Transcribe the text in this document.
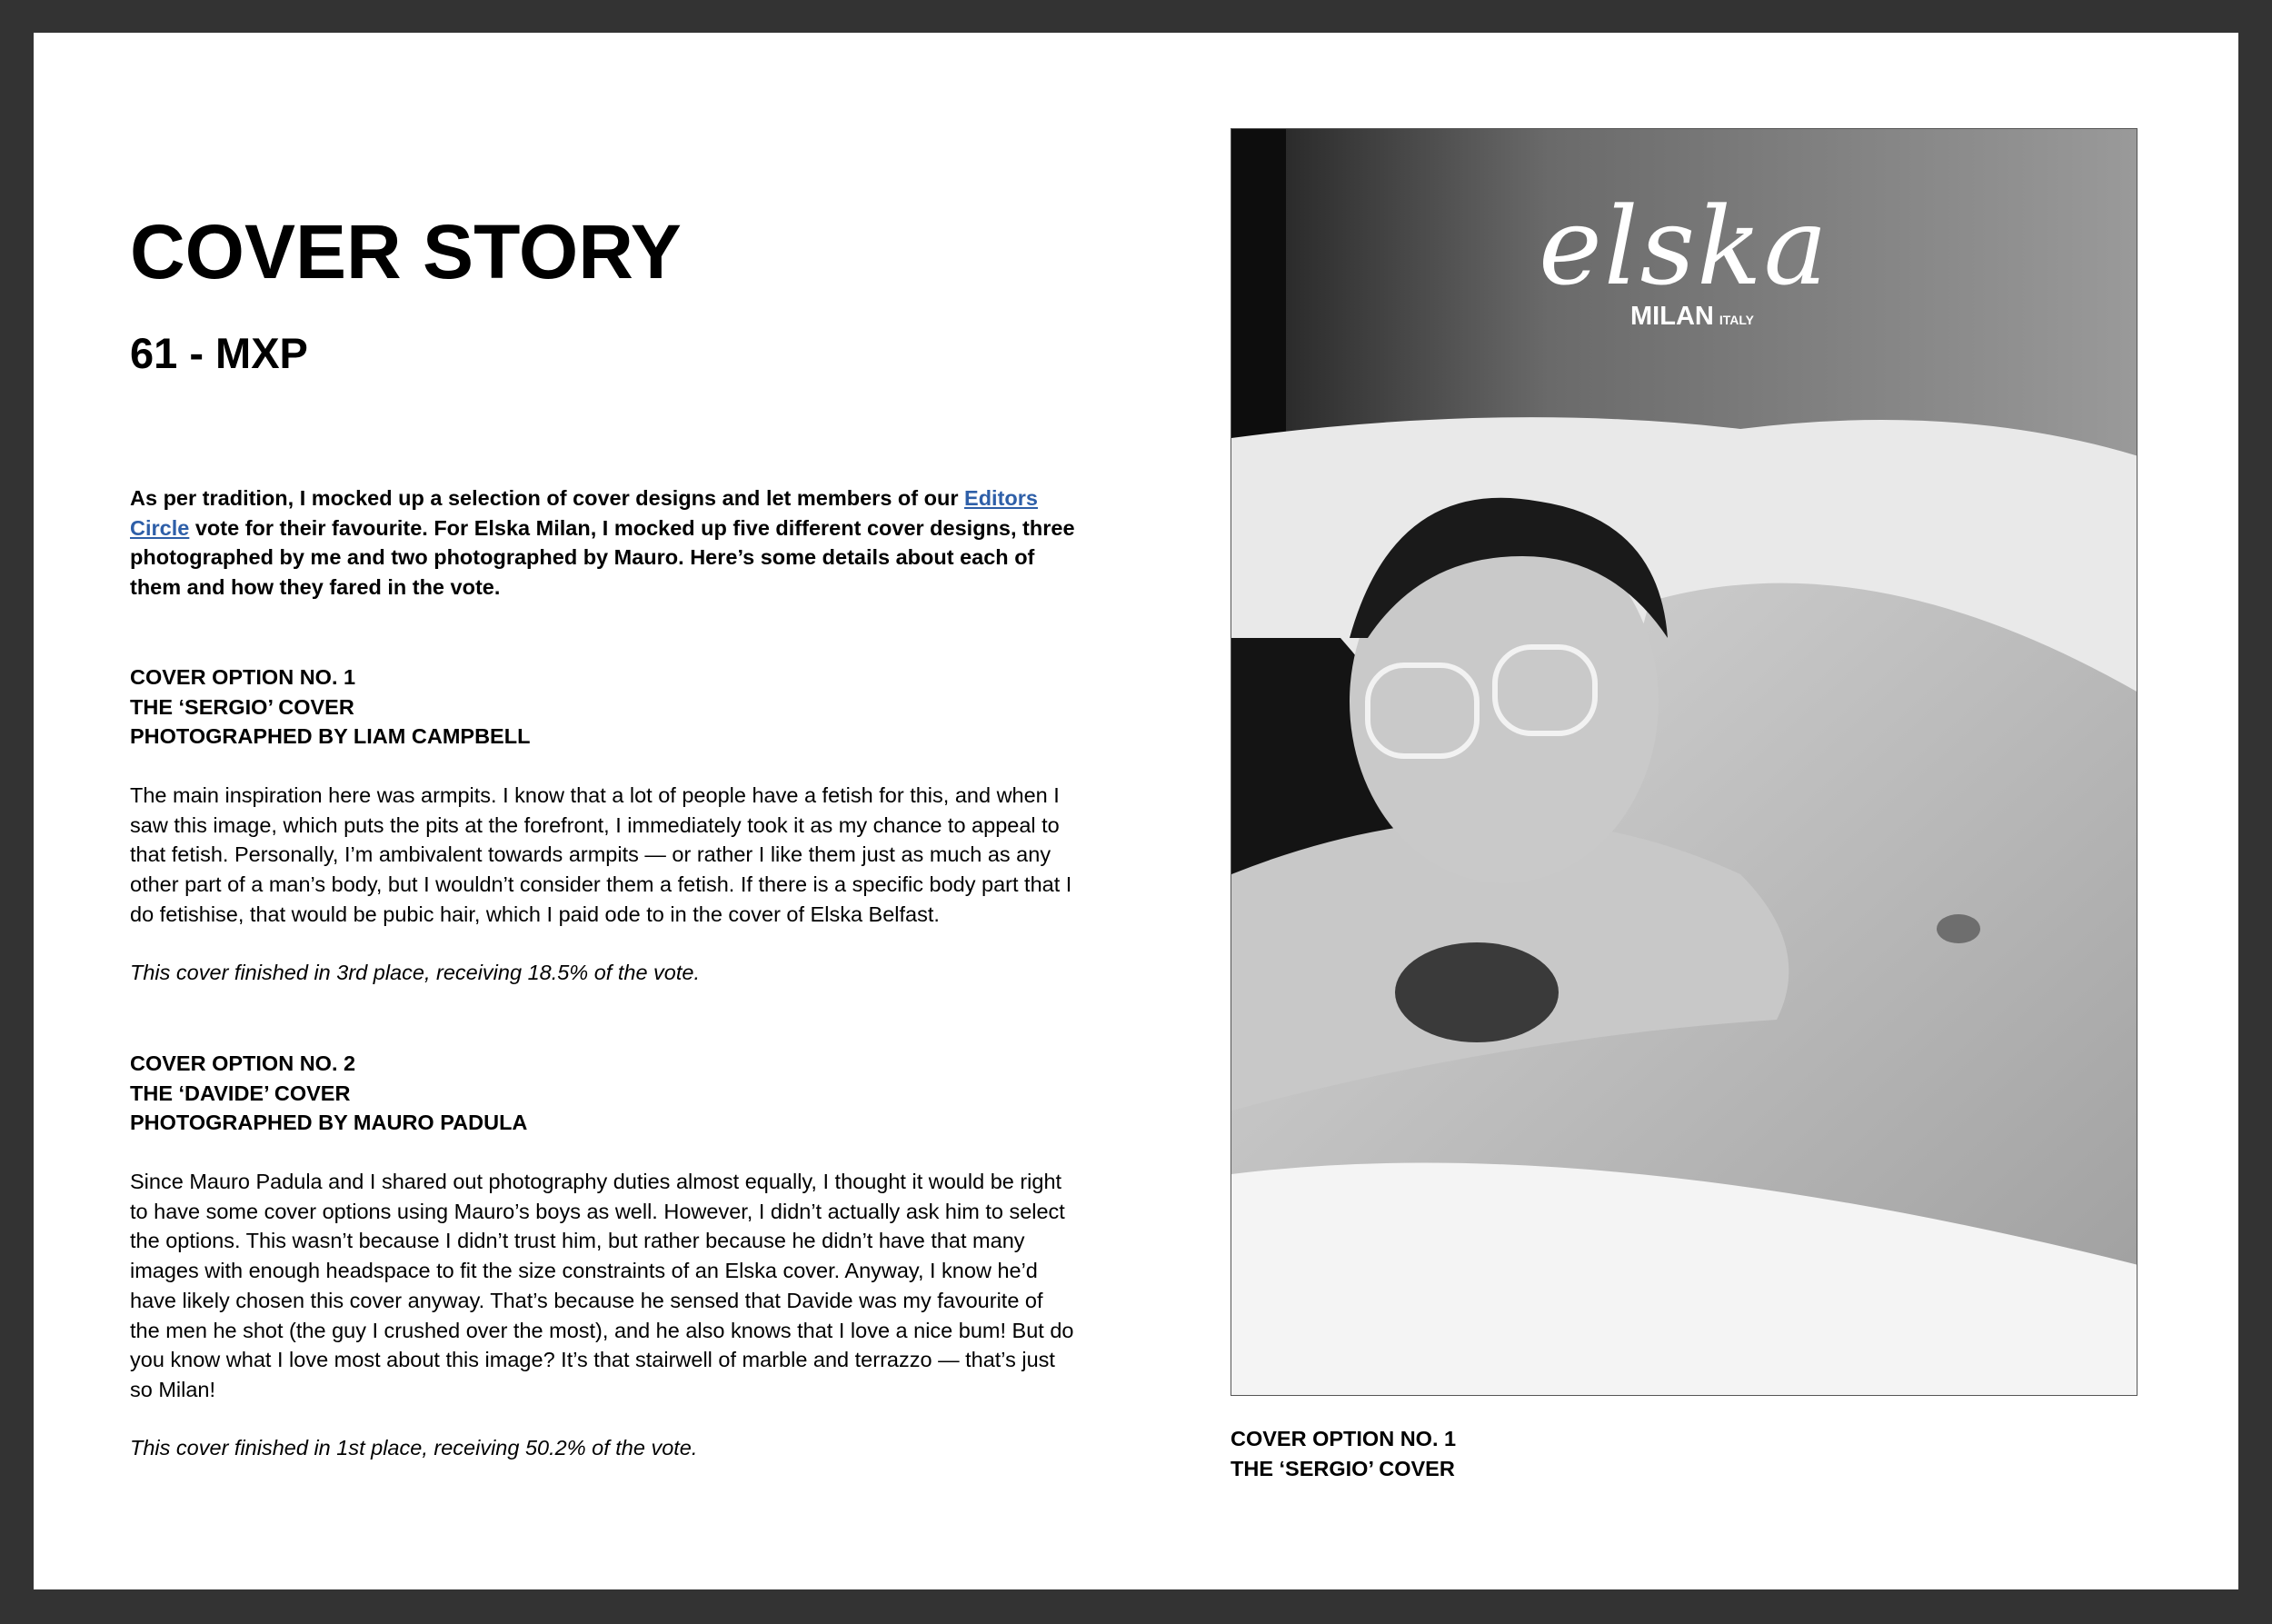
COVER STORY
61 - MXP

As per tradition, I mocked up a selection of cover designs and let members of our Editors Circle vote for their favourite. For Elska Milan, I mocked up five different cover designs, three photographed by me and two photographed by Mauro. Here’s some details about each of them and how they fared in the vote.

COVER OPTION NO. 1
THE ‘SERGIO’ COVER
PHOTOGRAPHED BY LIAM CAMPBELL

The main inspiration here was armpits. I know that a lot of people have a fetish for this, and when I saw this image, which puts the pits at the forefront, I immediately took it as my chance to appeal to that fetish. Personally, I’m ambivalent towards armpits — or rather I like them just as much as any other part of a man’s body, but I wouldn’t consider them a fetish. If there is a specific body part that I do fetishise, that would be pubic hair, which I paid ode to in the cover of Elska Belfast.

This cover finished in 3rd place, receiving 18.5% of the vote.

COVER OPTION NO. 2
THE ‘DAVIDE’ COVER
PHOTOGRAPHED BY MAURO PADULA

Since Mauro Padula and I shared out photography duties almost equally, I thought it would be right to have some cover options using Mauro’s boys as well. However, I didn’t actually ask him to select the options. This wasn’t because I didn’t trust him, but rather because he didn’t have that many images with enough headspace to fit the size constraints of an Elska cover. Anyway, I know he’d have likely chosen this cover anyway. That’s because he sensed that Davide was my favourite of the men he shot (the guy I crushed over the most), and he also knows that I love a nice bum! But do you know what I love most about this image? It’s that stairwell of marble and terrazzo — that’s just so Milan!

This cover finished in 1st place, receiving 50.2% of the vote.

elska
MILAN ITALY
COVER OPTION NO. 1
THE ‘SERGIO’ COVER
